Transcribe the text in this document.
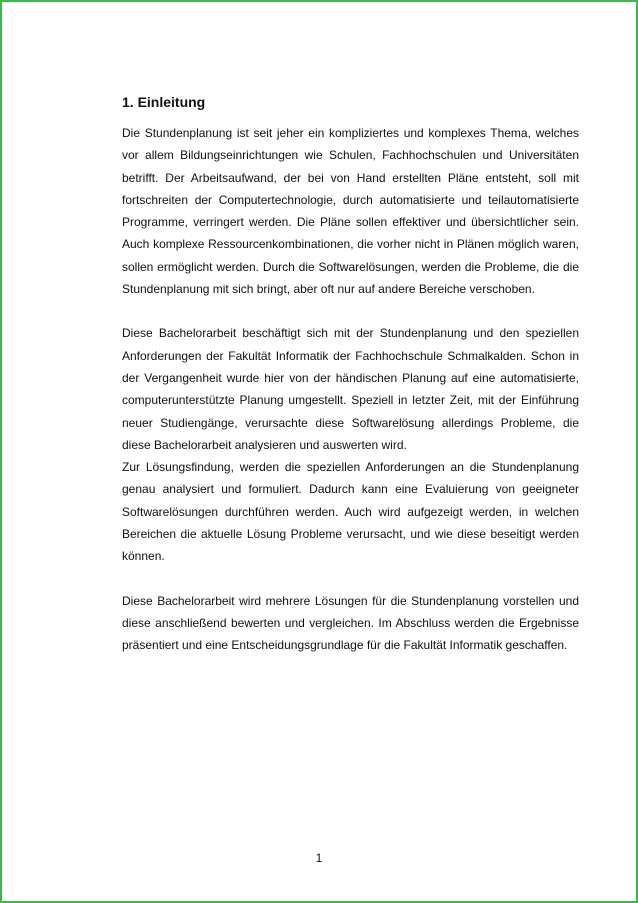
1. Einleitung

Die Stundenplanung ist seit jeher ein kompliziertes und komplexes Thema, welches vor allem Bildungseinrichtungen wie Schulen, Fachhochschulen und Universitäten betrifft. Der Arbeitsaufwand, der bei von Hand erstellten Pläne entsteht, soll mit fortschreiten der Computertechnologie, durch automatisierte und teilautomatisierte Programme, verringert werden. Die Pläne sollen effektiver und übersichtlicher sein. Auch komplexe Ressourcenkombinationen, die vorher nicht in Plänen möglich waren, sollen ermöglicht werden. Durch die Softwarelösungen, werden die Probleme, die die Stundenplanung mit sich bringt, aber oft nur auf andere Bereiche verschoben.

Diese Bachelorarbeit beschäftigt sich mit der Stundenplanung und den speziellen Anforderungen der Fakultät Informatik der Fachhochschule Schmalkalden. Schon in der Vergangenheit wurde hier von der händischen Planung auf eine automatisierte, computerunterstützte Planung umgestellt. Speziell in letzter Zeit, mit der Einführung neuer Studiengänge, verursachte diese Softwarelösung allerdings Probleme, die diese Bachelorarbeit analysieren und auswerten wird.

Zur Lösungsfindung, werden die speziellen Anforderungen an die Stundenplanung genau analysiert und formuliert. Dadurch kann eine Evaluierung von geeigneter Softwarelösungen durchführen werden. Auch wird aufgezeigt werden, in welchen Bereichen die aktuelle Lösung Probleme verursacht, und wie diese beseitigt werden können.

Diese Bachelorarbeit wird mehrere Lösungen für die Stundenplanung vorstellen und diese anschließend bewerten und vergleichen. Im Abschluss werden die Ergebnisse präsentiert und eine Entscheidungsgrundlage für die Fakultät Informatik geschaffen.

1
